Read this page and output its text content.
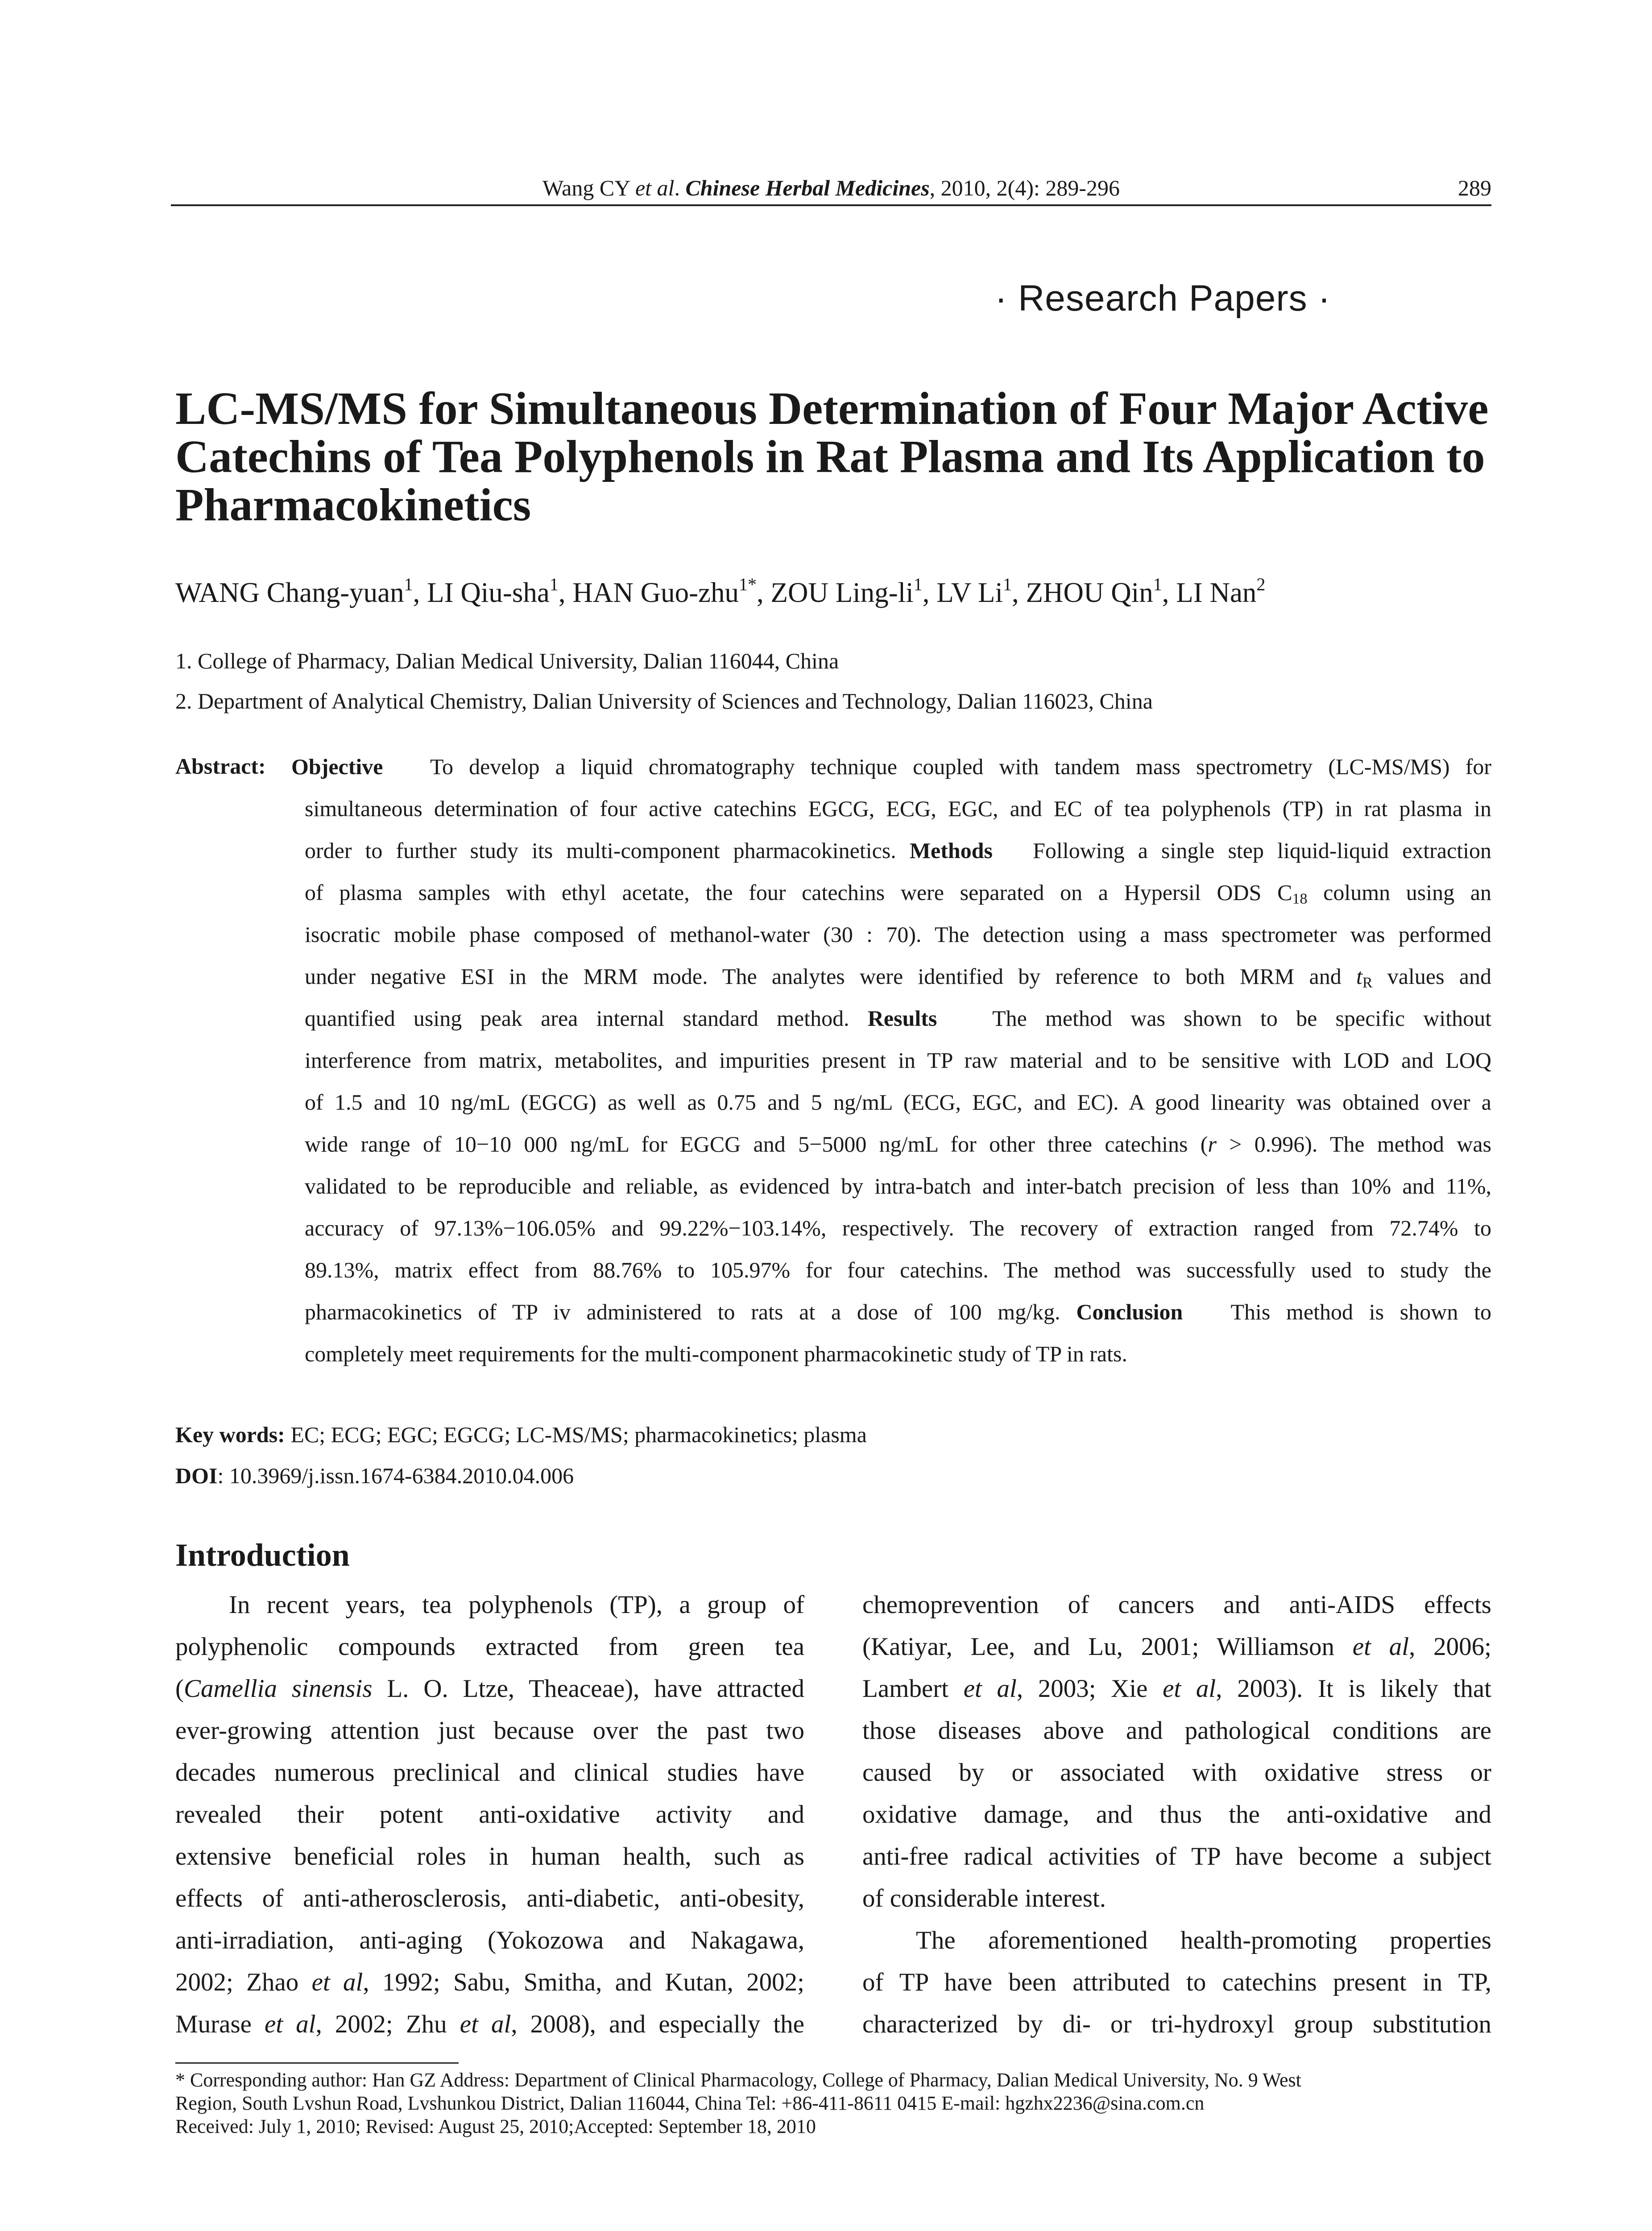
Wang CY et al. Chinese Herbal Medicines, 2010, 2(4): 289-296	289
· Research Papers ·
LC-MS/MS for Simultaneous Determination of Four Major Active
Catechins of Tea Polyphenols in Rat Plasma and Its Application to
Pharmacokinetics
WANG Chang-yuan$^1$, LI Qiu-sha$^1$, HAN Guo-zhu$^{1*}$, ZOU Ling-$li^1$, LV Li$^1$, ZHOU Qin$^1$, LI Nan$^2$
1. College of Pharmacy, Dalian Medical University, Dalian 116044, China
2. Department of Analytical Chemistry, Dalian University of Sciences and Technology, Dalian 116023, China
Abstract: Objective To develop a liquid chromatography technique coupled with tandem mass spectrometry (LC-MS/MS) for
simultaneous determination of four active catechins EGCG, ECG, EGC, and EC of tea polyphenols (TP) in rat plasma in
order to further study its multi-component pharmacokinetics. Methods Following a single step liquid-liquid extraction
of plasma samples with ethyl acetate, the four catechins were separated on a Hypersil ODS $C_{18}$ column using an
isocratic mobile phase composed of methanol-water (30 : 70). The detection using a mass spectrometer was performed
under negative ESI in the MRM mode. The analytes were identified by reference to both MRM and $t_R$ values and
quantified using peak area internal standard method. Results The method was shown to be specific without
interference from matrix, metabolites, and impurities present in TP raw material and to be sensitive with LOD and LOQ
of 1.5 and 10 ng/mL (EGCG) as well as 0.75 and 5 ng/mL (ECG, EGC, and EC). A good linearity was obtained over a
wide range of 10−10 000 ng/mL for EGCG and 5−5000 ng/mL for other three catechins (r > 0.996). The method was
validated to be reproducible and reliable, as evidenced by intra-batch and inter-batch precision of less than 10% and 11%,
accuracy of 97.13%−106.05% and 99.22%−103.14%, respectively. The recovery of extraction ranged from 72.74% to
89.13%, matrix effect from 88.76% to 105.97% for four catechins. The method was successfully used to study the
pharmacokinetics of TP iv administered to rats at a dose of 100 mg/kg. Conclusion This method is shown to
completely meet requirements for the multi-component pharmacokinetic study of TP in rats.
Key words: EC; ECG; EGC; EGCG; LC-MS/MS; pharmacokinetics; plasma
DOI: 10.3969/j.issn.1674-6384.2010.04.006
Introduction
In recent years, tea polyphenols (TP), a group of
polyphenolic compounds extracted from green tea
(Camellia sinensis L. O. Ltze, Theaceae), have attracted
ever-growing attention just because over the past two
decades numerous preclinical and clinical studies have
revealed their potent anti-oxidative activity and
extensive beneficial roles in human health, such as
effects of anti-atherosclerosis, anti-diabetic, anti-obesity,
anti-irradiation, anti-aging (Yokozowa and Nakagawa,
2002; Zhao et al, 1992; Sabu, Smitha, and Kutan, 2002;
Murase et al, 2002; Zhu et al, 2008), and especially the
chemoprevention of cancers and anti-AIDS effects
(Katiyar, Lee, and Lu, 2001; Williamson et al, 2006;
Lambert et al, 2003; Xie et al, 2003). It is likely that
those diseases above and pathological conditions are
caused by or associated with oxidative stress or
oxidative damage, and thus the anti-oxidative and
anti-free radical activities of TP have become a subject
of considerable interest.
The aforementioned health-promoting properties
of TP have been attributed to catechins present in TP,
characterized by di- or tri-hydroxyl group substitution
* Corresponding author: Han GZ Address: Department of Clinical Pharmacology, College of Pharmacy, Dalian Medical University, No. 9 West
Region, South Lvshun Road, Lvshunkou District, Dalian 116044, China Tel: +86-411-8611 0415 E-mail: hgzhx2236@sina.com.cn
Received: July 1, 2010; Revised: August 25, 2010;Accepted: September 18, 2010
